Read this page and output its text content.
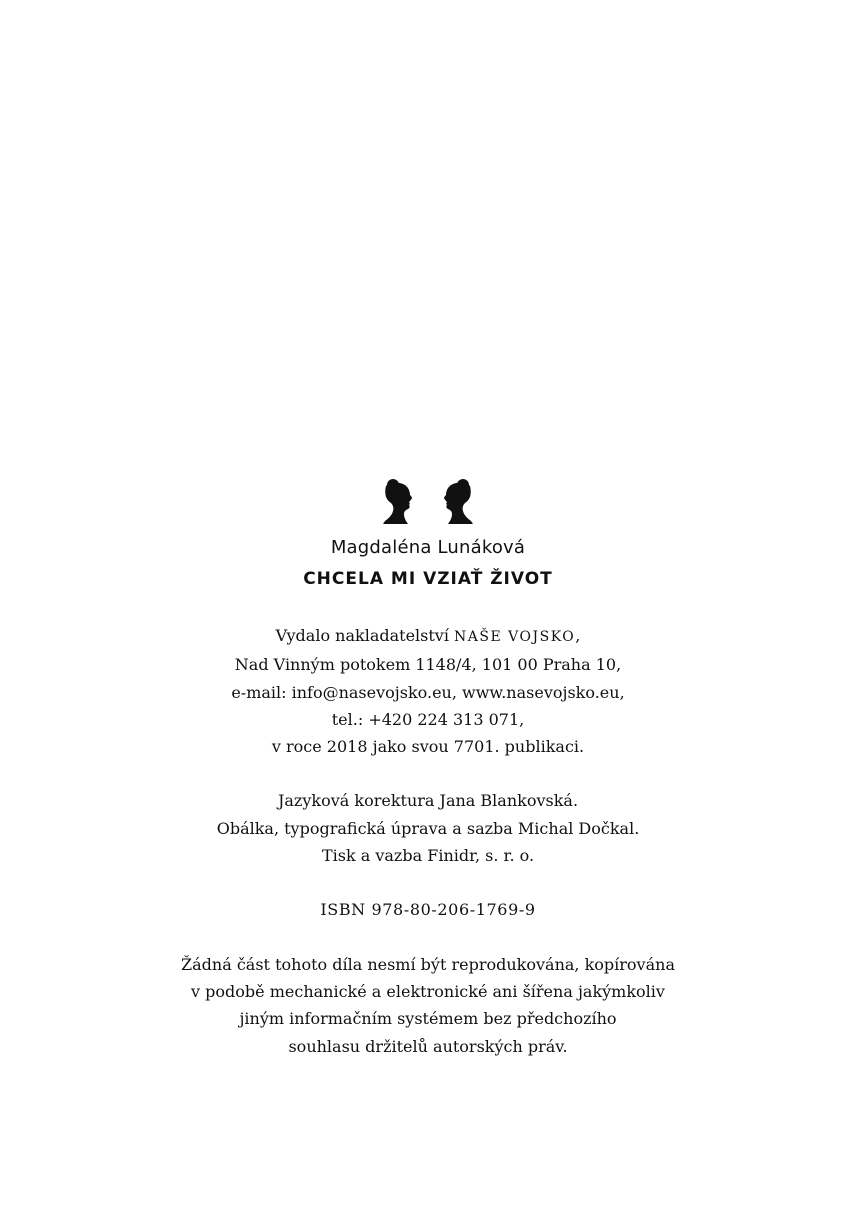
Magdaléna Lunáková
CHCELA MI VZIAŤ ŽIVOT
Vydalo nakladatelství NAŠE VOJSKO,
Nad Vinným potokem 1148/4, 101 00 Praha 10,
e-mail: info@nasevojsko.eu, www.nasevojsko.eu,
tel.: +420 224 313 071,
v roce 2018 jako svou 7701. publikaci.
Jazyková korektura Jana Blankovská.
Obálka, typografická úprava a sazba Michal Dočkal.
Tisk a vazba Finidr, s. r. o.
ISBN 978-80-206-1769-9
Žádná část tohoto díla nesmí být reprodukována, kopírována
v podobě mechanické a elektronické ani šířena jakýmkoliv
jiným informačním systémem bez předchozího
souhlasu držitelů autorských práv.
